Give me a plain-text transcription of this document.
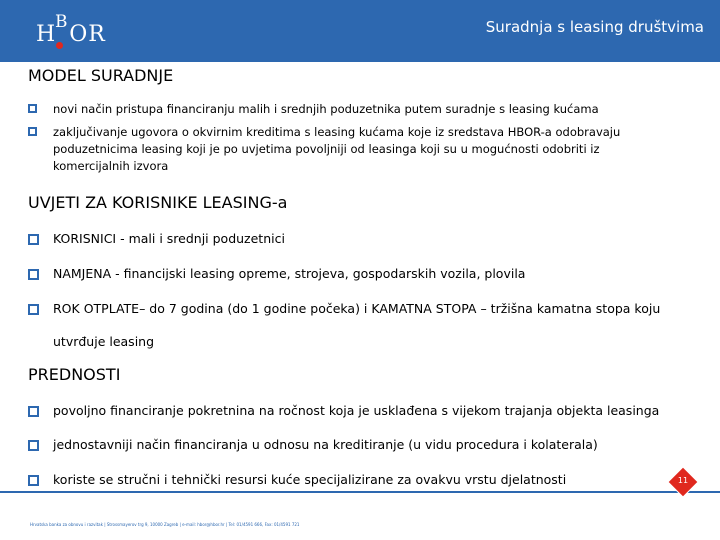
B
H OR	Suradnja s leasing društvima
MODEL SURADNJE
novi način pristupa financiranju malih i srednjih poduzetnika putem suradnje s leasing kućama
zaključivanje ugovora o okvirnim kreditima s leasing kućama koje iz sredstava HBOR-a odobravaju poduzetnicima leasing koji je po uvjetima povoljniji od leasinga koji su u mogućnosti odobriti iz komercijalnih izvora
UVJETI ZA KORISNIKE LEASING-a
KORISNICI - mali i srednji poduzetnici
NAMJENA - financijski leasing opreme, strojeva, gospodarskih vozila, plovila
ROK OTPLATE– do 7 godina (do 1 godine počeka) i KAMATNA STOPA – tržišna kamatna stopa koju utvrđuje leasing
PREDNOSTI
povoljno financiranje pokretnina na ročnost koja je usklađena s vijekom trajanja objekta leasinga
jednostavniji način financiranja u odnosu na kreditiranje (u vidu procedura i kolaterala)
koriste se stručni i tehnički resursi kuće specijalizirane za ovakvu vrstu djelatnosti	11
Hrvatska banka za obnovu i razvitak | Strossmayerov trg 9, 10000 Zagreb | e-mail: hbor@hbor.hr | Tel: 01/4591 666, Fax: 01/4591 721
